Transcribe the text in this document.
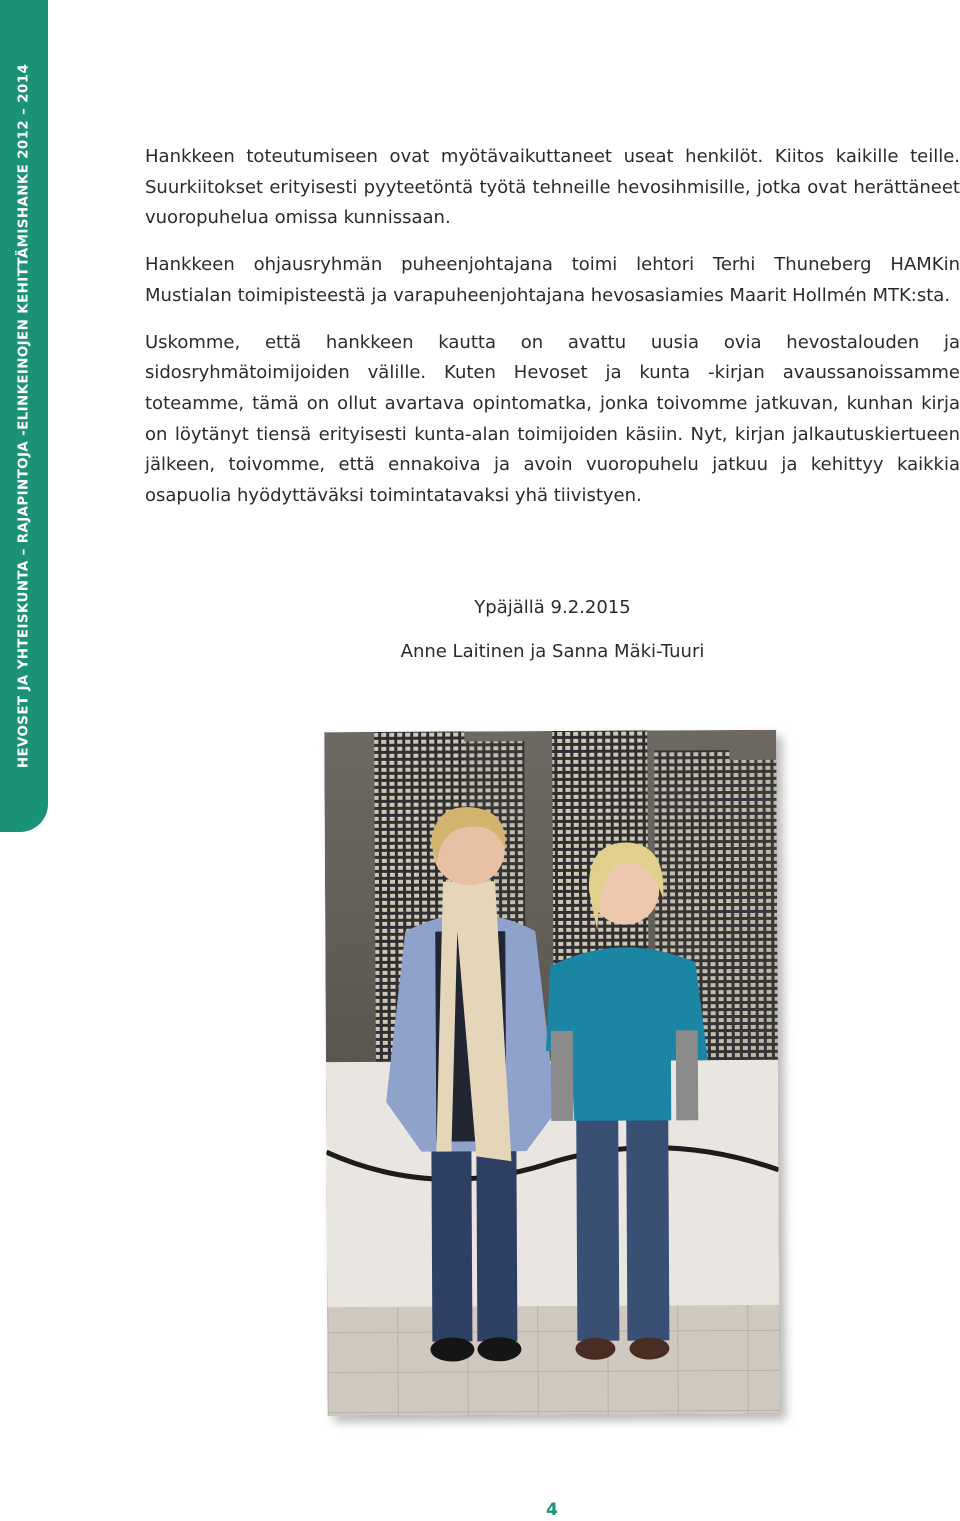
HEVOSET JA YHTEISKUNTA – RAJAPINTOJA -ELINKEINOJEN KEHITTÄMISHANKE 2012 – 2014	Hankkeen toteutumiseen ovat myötävaikuttaneet useat henkilöt. Kiitos kaikille teille. Suurkiitokset erityisesti pyyteetöntä työtä tehneille hevosihmisille, jotka ovat herättäneet vuoropuhelua omissa kunnissaan.

Hankkeen ohjausryhmän puheenjohtajana toimi lehtori Terhi Thuneberg HAMKin Mustialan toimipisteestä ja varapuheenjohtajana hevosasiamies Maarit Hollmén MTK:sta.

Uskomme, että hankkeen kautta on avattu uusia ovia hevostalouden ja sidosryhmätoimijoiden välille. Kuten Hevoset ja kunta -kirjan avaussanoissamme toteamme, tämä on ollut avartava opintomatka, jonka toivomme jatkuvan, kunhan kirja on löytänyt tiensä erityisesti kunta-alan toimijoiden käsiin. Nyt, kirjan jalkautuskiertueen jälkeen, toivomme, että ennakoiva ja avoin vuoropuhelu jatkuu ja kehittyy kaikkia osapuolia hyödyttäväksi toimintatavaksi yhä tiivistyen.

Ypäjällä 9.2.2015
Anne Laitinen ja Sanna Mäki-Tuuri
4
